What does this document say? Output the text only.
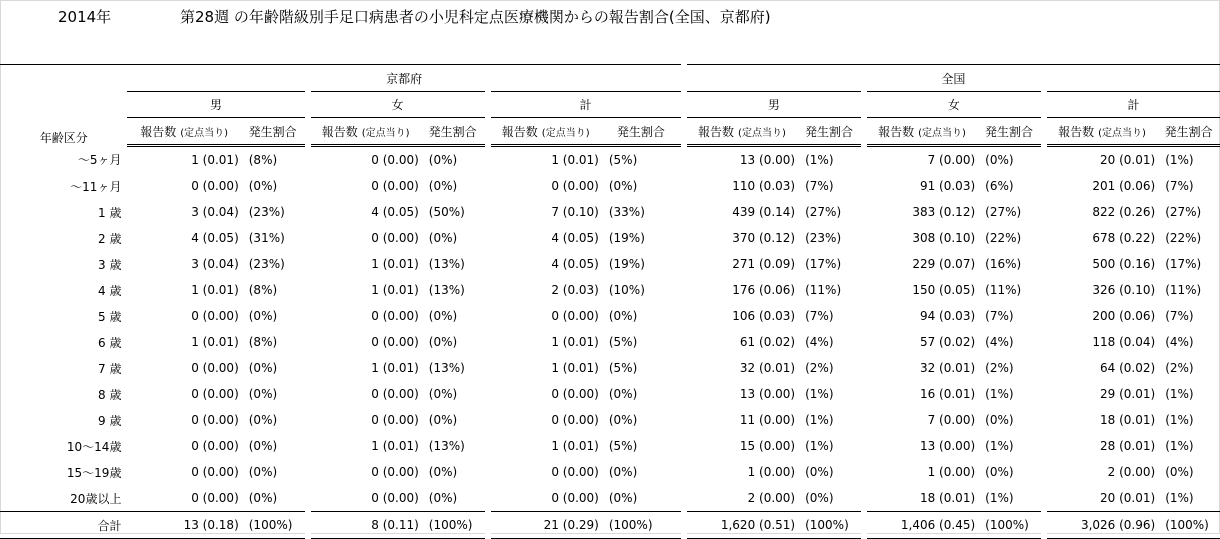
2014年	第28週 の年齢階級別手足口病患者の小児科定点医療機関からの報告割合(全国、京都府)
	京都府						全国					
年齢区分	男		女		計		男		女		計	
	報告数 (定点当り)	発生割合	報告数 (定点当り)	発生割合	報告数 (定点当り)	発生割合	報告数 (定点当り)	発生割合	報告数 (定点当り)	発生割合	報告数 (定点当り)	発生割合
～5ヶ月	1 (0.01)	(8%)	0 (0.00)	(0%)	1 (0.01)	(5%)	13 (0.00)	(1%)	7 (0.00)	(0%)	20 (0.01)	(1%)
～11ヶ月	0 (0.00)	(0%)	0 (0.00)	(0%)	0 (0.00)	(0%)	110 (0.03)	(7%)	91 (0.03)	(6%)	201 (0.06)	(7%)
1 歳	3 (0.04)	(23%)	4 (0.05)	(50%)	7 (0.10)	(33%)	439 (0.14)	(27%)	383 (0.12)	(27%)	822 (0.26)	(27%)
2 歳	4 (0.05)	(31%)	0 (0.00)	(0%)	4 (0.05)	(19%)	370 (0.12)	(23%)	308 (0.10)	(22%)	678 (0.22)	(22%)
3 歳	3 (0.04)	(23%)	1 (0.01)	(13%)	4 (0.05)	(19%)	271 (0.09)	(17%)	229 (0.07)	(16%)	500 (0.16)	(17%)
4 歳	1 (0.01)	(8%)	1 (0.01)	(13%)	2 (0.03)	(10%)	176 (0.06)	(11%)	150 (0.05)	(11%)	326 (0.10)	(11%)
5 歳	0 (0.00)	(0%)	0 (0.00)	(0%)	0 (0.00)	(0%)	106 (0.03)	(7%)	94 (0.03)	(7%)	200 (0.06)	(7%)
6 歳	1 (0.01)	(8%)	0 (0.00)	(0%)	1 (0.01)	(5%)	61 (0.02)	(4%)	57 (0.02)	(4%)	118 (0.04)	(4%)
7 歳	0 (0.00)	(0%)	1 (0.01)	(13%)	1 (0.01)	(5%)	32 (0.01)	(2%)	32 (0.01)	(2%)	64 (0.02)	(2%)
8 歳	0 (0.00)	(0%)	0 (0.00)	(0%)	0 (0.00)	(0%)	13 (0.00)	(1%)	16 (0.01)	(1%)	29 (0.01)	(1%)
9 歳	0 (0.00)	(0%)	0 (0.00)	(0%)	0 (0.00)	(0%)	11 (0.00)	(1%)	7 (0.00)	(0%)	18 (0.01)	(1%)
10～14歳	0 (0.00)	(0%)	1 (0.01)	(13%)	1 (0.01)	(5%)	15 (0.00)	(1%)	13 (0.00)	(1%)	28 (0.01)	(1%)
15～19歳	0 (0.00)	(0%)	0 (0.00)	(0%)	0 (0.00)	(0%)	1 (0.00)	(0%)	1 (0.00)	(0%)	2 (0.00)	(0%)
20歳以上	0 (0.00)	(0%)	0 (0.00)	(0%)	0 (0.00)	(0%)	2 (0.00)	(0%)	18 (0.01)	(1%)	20 (0.01)	(1%)
合計	13 (0.18)	(100%)	8 (0.11)	(100%)	21 (0.29)	(100%)	1,620 (0.51)	(100%)	1,406 (0.45)	(100%)	3,026 (0.96)	(100%)
